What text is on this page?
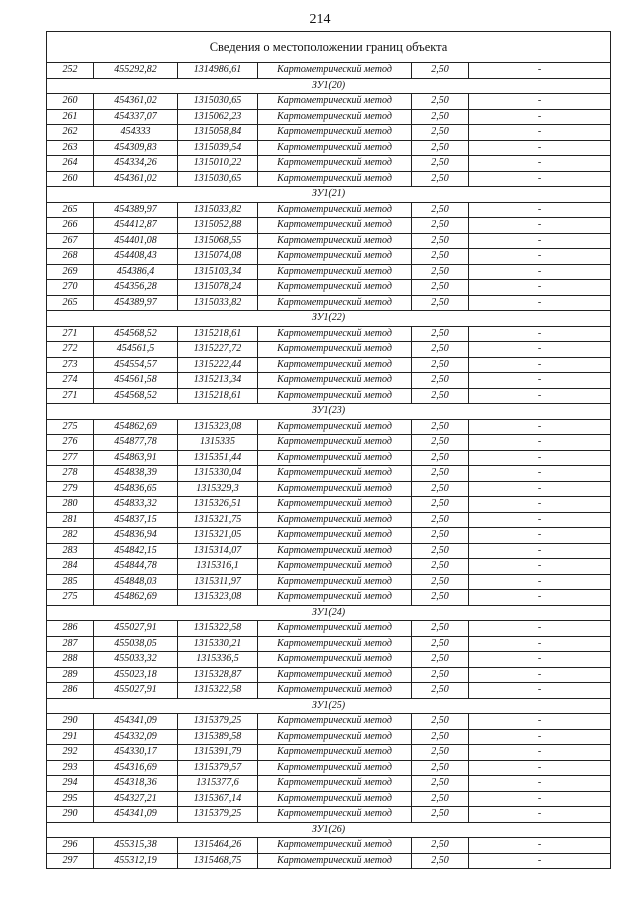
214
Сведения о местоположении границ объекта					
252	455292,82	1314986,61	Картометрический метод	2,50	-
ЗУ1(20)					
260	454361,02	1315030,65	Картометрический метод	2,50	-
261	454337,07	1315062,23	Картометрический метод	2,50	-
262	454333	1315058,84	Картометрический метод	2,50	-
263	454309,83	1315039,54	Картометрический метод	2,50	-
264	454334,26	1315010,22	Картометрический метод	2,50	-
260	454361,02	1315030,65	Картометрический метод	2,50	-
ЗУ1(21)					
265	454389,97	1315033,82	Картометрический метод	2,50	-
266	454412,87	1315052,88	Картометрический метод	2,50	-
267	454401,08	1315068,55	Картометрический метод	2,50	-
268	454408,43	1315074,08	Картометрический метод	2,50	-
269	454386,4	1315103,34	Картометрический метод	2,50	-
270	454356,28	1315078,24	Картометрический метод	2,50	-
265	454389,97	1315033,82	Картометрический метод	2,50	-
ЗУ1(22)					
271	454568,52	1315218,61	Картометрический метод	2,50	-
272	454561,5	1315227,72	Картометрический метод	2,50	-
273	454554,57	1315222,44	Картометрический метод	2,50	-
274	454561,58	1315213,34	Картометрический метод	2,50	-
271	454568,52	1315218,61	Картометрический метод	2,50	-
ЗУ1(23)					
275	454862,69	1315323,08	Картометрический метод	2,50	-
276	454877,78	1315335	Картометрический метод	2,50	-
277	454863,91	1315351,44	Картометрический метод	2,50	-
278	454838,39	1315330,04	Картометрический метод	2,50	-
279	454836,65	1315329,3	Картометрический метод	2,50	-
280	454833,32	1315326,51	Картометрический метод	2,50	-
281	454837,15	1315321,75	Картометрический метод	2,50	-
282	454836,94	1315321,05	Картометрический метод	2,50	-
283	454842,15	1315314,07	Картометрический метод	2,50	-
284	454844,78	1315316,1	Картометрический метод	2,50	-
285	454848,03	1315311,97	Картометрический метод	2,50	-
275	454862,69	1315323,08	Картометрический метод	2,50	-
ЗУ1(24)					
286	455027,91	1315322,58	Картометрический метод	2,50	-
287	455038,05	1315330,21	Картометрический метод	2,50	-
288	455033,32	1315336,5	Картометрический метод	2,50	-
289	455023,18	1315328,87	Картометрический метод	2,50	-
286	455027,91	1315322,58	Картометрический метод	2,50	-
ЗУ1(25)					
290	454341,09	1315379,25	Картометрический метод	2,50	-
291	454332,09	1315389,58	Картометрический метод	2,50	-
292	454330,17	1315391,79	Картометрический метод	2,50	-
293	454316,69	1315379,57	Картометрический метод	2,50	-
294	454318,36	1315377,6	Картометрический метод	2,50	-
295	454327,21	1315367,14	Картометрический метод	2,50	-
290	454341,09	1315379,25	Картометрический метод	2,50	-
ЗУ1(26)					
296	455315,38	1315464,26	Картометрический метод	2,50	-
297	455312,19	1315468,75	Картометрический метод	2,50	-
